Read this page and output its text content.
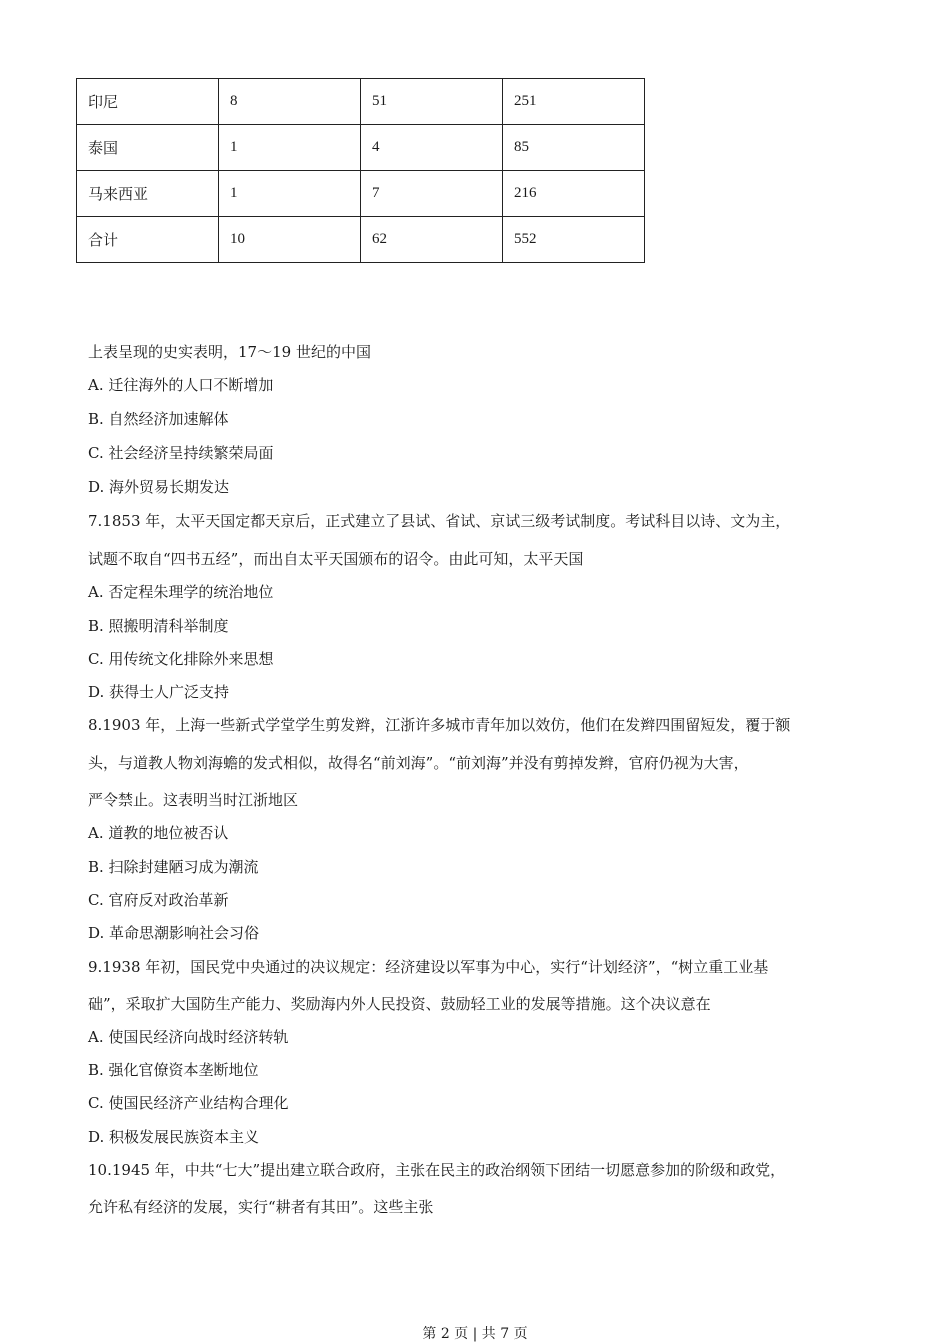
印尼	8	51	251
泰国	1	4	85
马来西亚	1	7	216
合计	10	62	552
上表呈现的史实表明，17～19 世纪的中国
A. 迁往海外的人口不断增加
B. 自然经济加速解体
C. 社会经济呈持续繁荣局面
D. 海外贸易长期发达
7.1853 年，太平天国定都天京后，正式建立了县试、省试、京试三级考试制度。考试科目以诗、文为主，
试题不取自“四书五经”，而出自太平天国颁布的诏令。由此可知，太平天国
A. 否定程朱理学的统治地位
B. 照搬明清科举制度
C. 用传统文化排除外来思想
D. 获得士人广泛支持
8.1903 年，上海一些新式学堂学生剪发辫，江浙许多城市青年加以效仿，他们在发辫四围留短发，覆于额
头，与道教人物刘海蟾的发式相似，故得名“前刘海”。“前刘海”并没有剪掉发辫，官府仍视为大害，
严令禁止。这表明当时江浙地区
A. 道教的地位被否认
B. 扫除封建陋习成为潮流
C. 官府反对政治革新
D. 革命思潮影响社会习俗
9.1938 年初，国民党中央通过的决议规定：经济建设以军事为中心，实行“计划经济”，“树立重工业基
础”，采取扩大国防生产能力、奖励海内外人民投资、鼓励轻工业的发展等措施。这个决议意在
A. 使国民经济向战时经济转轨
B. 强化官僚资本垄断地位
C. 使国民经济产业结构合理化
D. 积极发展民族资本主义
10.1945 年，中共“七大”提出建立联合政府，主张在民主的政治纲领下团结一切愿意参加的阶级和政党，
允许私有经济的发展，实行“耕者有其田”。这些主张
第 2 页 | 共 7 页
